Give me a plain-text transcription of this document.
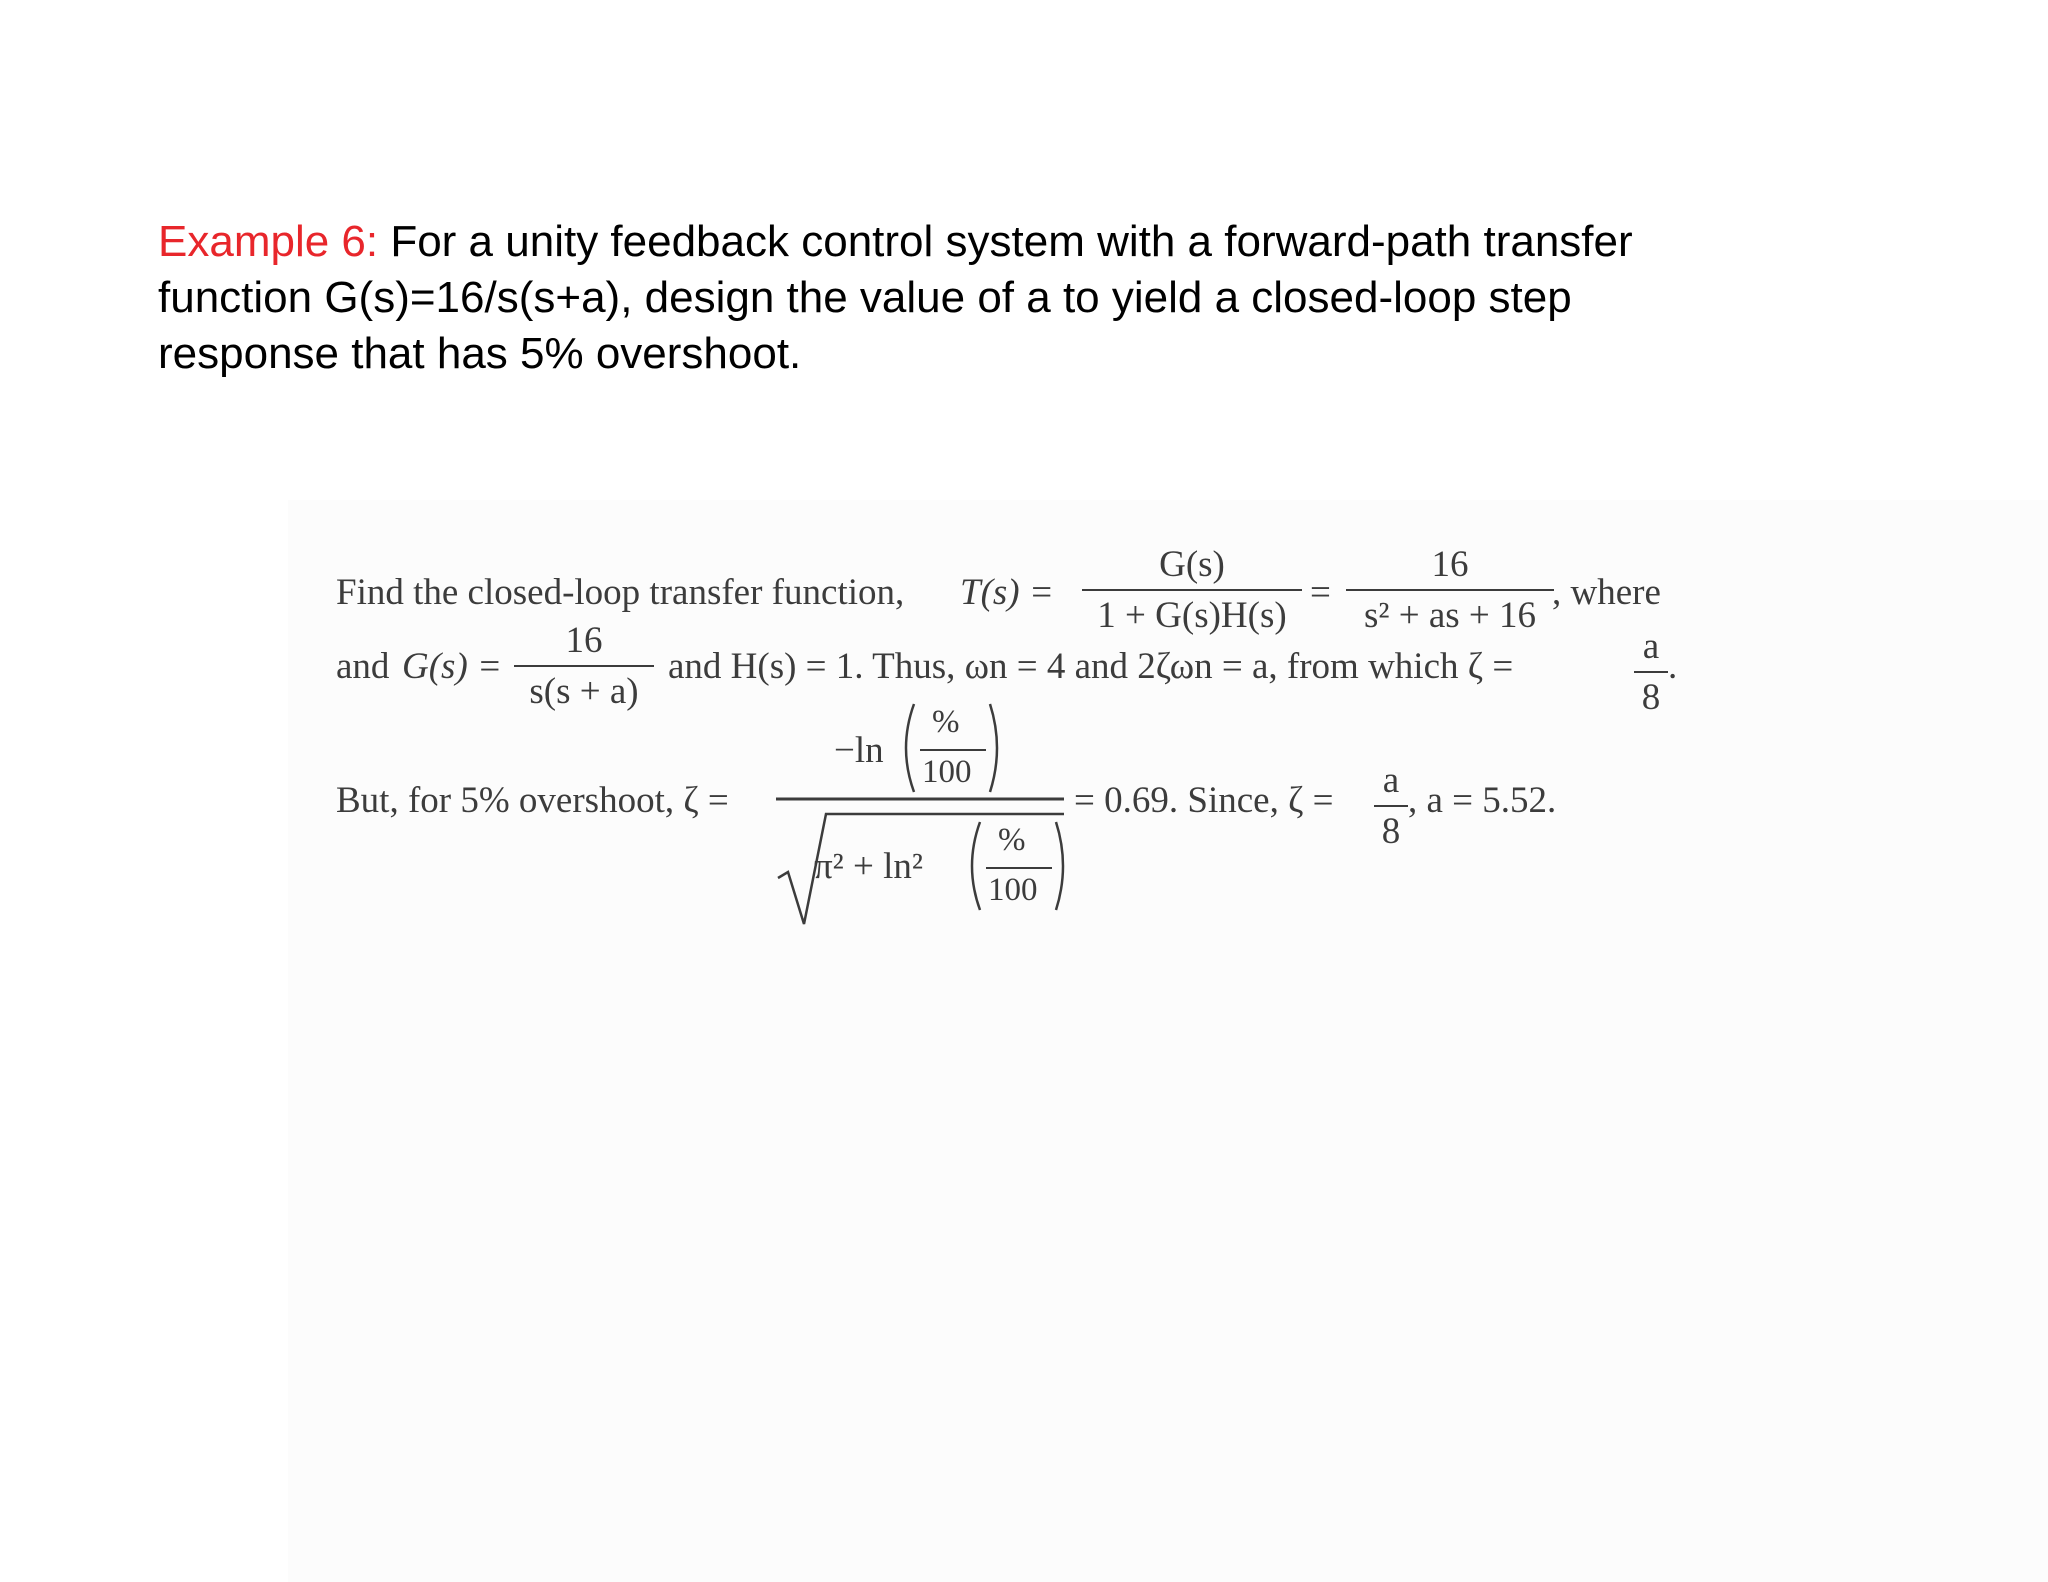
Example 6: For a unity feedback control system with a forward-path transfer
function G(s)=16/s(s+a), design the value of a to yield a closed-loop step
response that has 5% overshoot.
Find the closed-loop transfer function, T(s) =
G(s)
1 + G(s)H(s)
=
16
s² + as + 16
, where
and G(s) =
16
s(s + a)
and H(s) = 1. Thus, ωn = 4 and 2ζωn = a, from which ζ =	a
8
.
But, for 5% overshoot, ζ =
−ln
%
100
π² + ln²
%
100
= 0.69. Since, ζ = a
8
, a = 5.52.
